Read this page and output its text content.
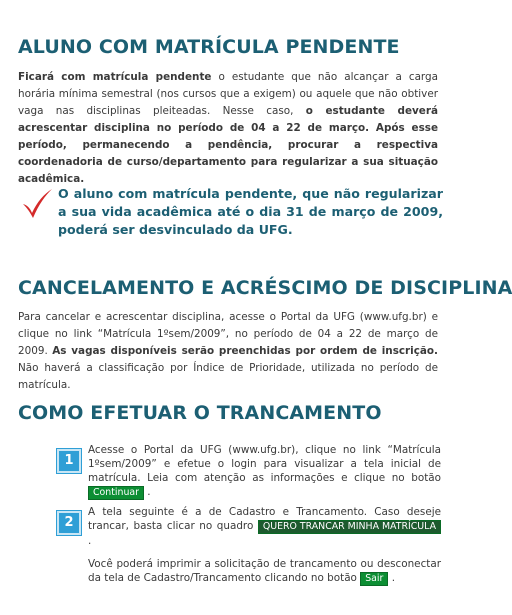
ALUNO COM MATRÍCULA PENDENTE

Ficará com matrícula pendente o estudante que não alcançar a carga horária mínima semestral (nos cursos que a exigem) ou aquele que não obtiver vaga nas disciplinas pleiteadas. Nesse caso, o estudante deverá acrescentar disciplina no período de 04 a 22 de março. Após esse período, permanecendo a pendência, procurar a respectiva coordenadoria de curso/departamento para regularizar a sua situação acadêmica.

O aluno com matrícula pendente, que não regularizar a sua vida acadêmica até o dia 31 de março de 2009, poderá ser desvinculado da UFG.
CANCELAMENTO E ACRÉSCIMO DE DISCIPLINA

Para cancelar e acrescentar disciplina, acesse o Portal da UFG (www.ufg.br) e clique no link “Matrícula 1ºsem/2009”, no período de 04 a 22 de março de 2009. As vagas disponíveis serão preenchidas por ordem de inscrição. Não haverá a classificação por Índice de Prioridade, utilizada no período de matrícula.

COMO EFETUAR O TRANCAMENTO
1

Acesse o Portal da UFG (www.ufg.br), clique no link “Matrícula 1ºsem/2009” e efetue o login para visualizar a tela inicial de matrícula. Leia com atenção as informações e clique no botão Continuar .

2

A tela seguinte é a de Cadastro e Trancamento. Caso deseje trancar, basta clicar no quadro QUERO TRANCAR MINHA MATRÍCULA .

Você poderá imprimir a solicitação de trancamento ou desconectar da tela de Cadastro/Trancamento clicando no botão Sair .
